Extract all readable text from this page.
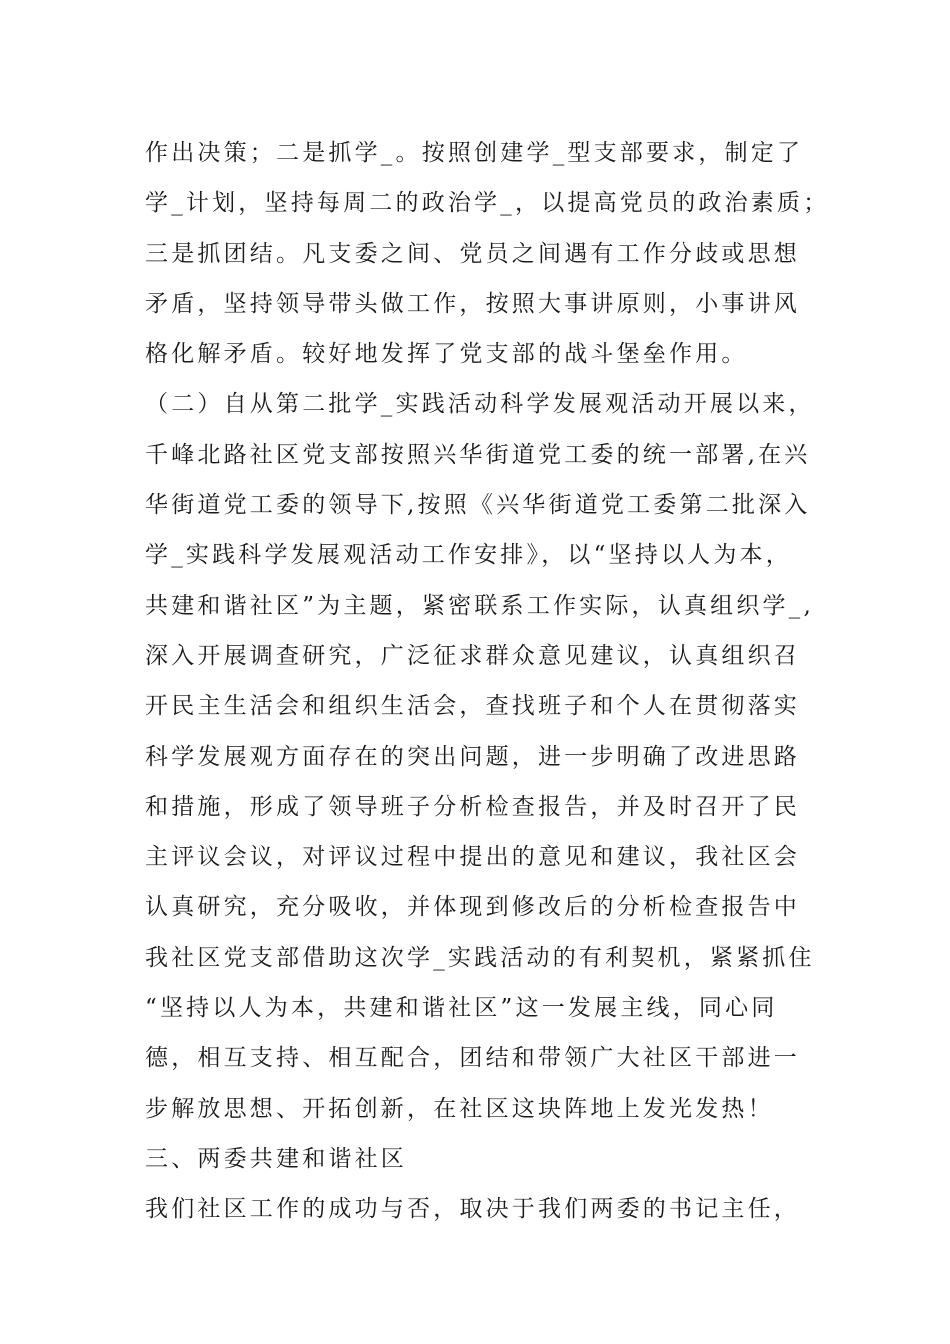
作出决策；二是抓学_。按照创建学_型支部要求，制定了
学_计划，坚持每周二的政治学_，以提高党员的政治素质；
三是抓团结。凡支委之间、党员之间遇有工作分歧或思想
矛盾，坚持领导带头做工作，按照大事讲原则，小事讲风
格化解矛盾。较好地发挥了党支部的战斗堡垒作用。
（二）自从第二批学_实践活动科学发展观活动开展以来，
千峰北路社区党支部按照兴华街道党工委的统一部署,在兴
华街道党工委的领导下,按照《兴华街道党工委第二批深入
学_实践科学发展观活动工作安排》，以“坚持以人为本，
共建和谐社区”为主题，紧密联系工作实际，认真组织学_,
深入开展调查研究，广泛征求群众意见建议，认真组织召
开民主生活会和组织生活会，查找班子和个人在贯彻落实
科学发展观方面存在的突出问题，进一步明确了改进思路
和措施，形成了领导班子分析检查报告，并及时召开了民
主评议会议，对评议过程中提出的意见和建议，我社区会
认真研究，充分吸收，并体现到修改后的分析检查报告中
我社区党支部借助这次学_实践活动的有利契机，紧紧抓住
“坚持以人为本，共建和谐社区”这一发展主线，同心同
德，相互支持、相互配合，团结和带领广大社区干部进一
步解放思想、开拓创新，在社区这块阵地上发光发热！
三、两委共建和谐社区
我们社区工作的成功与否，取决于我们两委的书记主任，
